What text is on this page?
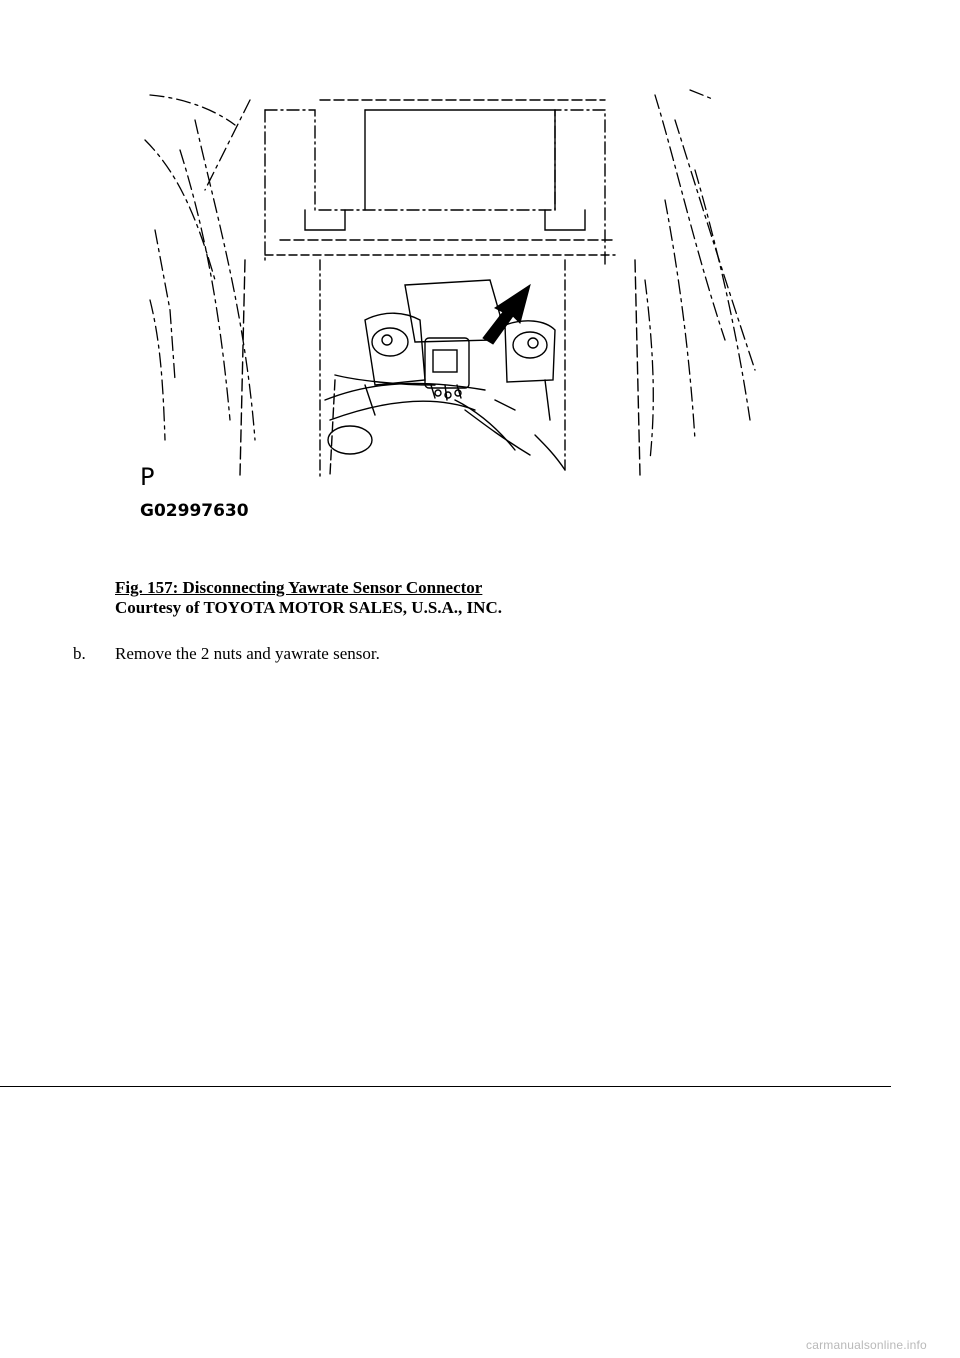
P
G02997630
Fig. 157: Disconnecting Yawrate Sensor Connector
Courtesy of TOYOTA MOTOR SALES, U.S.A., INC.
b. Remove the 2 nuts and yawrate sensor.
carmanualsonline.info
